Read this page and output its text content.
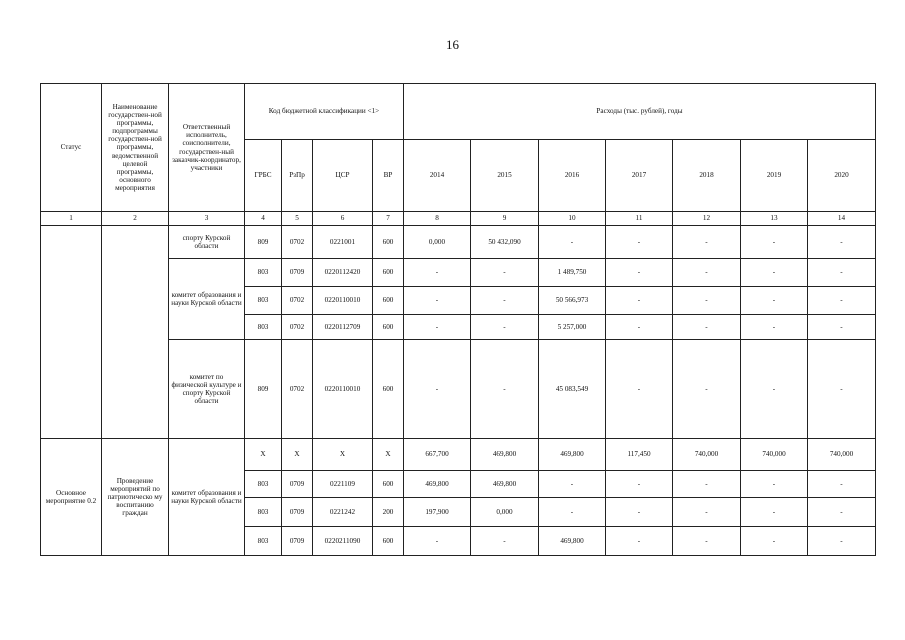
16
Статус	Наименование государствен-ной программы, подпрограммы государствен-ной программы, ведомственной целевой программы, основного мероприятия	Ответственный исполнитель, соисполнители, государствен-ный заказчик-координатор, участники	Код бюджетной классификации <1>				Расходы (тыс. рублей), годы						
			ГРБС	РзПр	ЦСР	ВР	2014	2015	2016	2017	2018	2019	2020
1	2	3	4	5	6	7	8	9	10	11	12	13	14
		спорту Курской области	809	0702	0221001	600	0,000	50 432,090	-	-	-	-	-
		комитет образования и науки Курской области	803	0709	0220112420	600	-	-	1 489,750	-	-	-	-
			803	0702	0220110010	600	-	-	50 566,973	-	-	-	-
			803	0702	0220112709	600	-	-	5 257,000	-	-	-	-
		комитет по физической культуре и спорту Курской области	809	0702	0220110010	600	-	-	45 083,549	-	-	-	-
Основное мероприятие 0.2	Проведение мероприятий по патриотическо му воспитанию граждан	комитет образования и науки Курской области	Х	Х	Х	Х	667,700	469,800	469,800	117,450	740,000	740,000	740,000
			803	0709	0221109	600	469,800	469,800	-	-	-	-	-
			803	0709	0221242	200	197,900	0,000	-	-	-	-	-
			803	0709	0220211090	600	-	-	469,800	-	-	-	-
